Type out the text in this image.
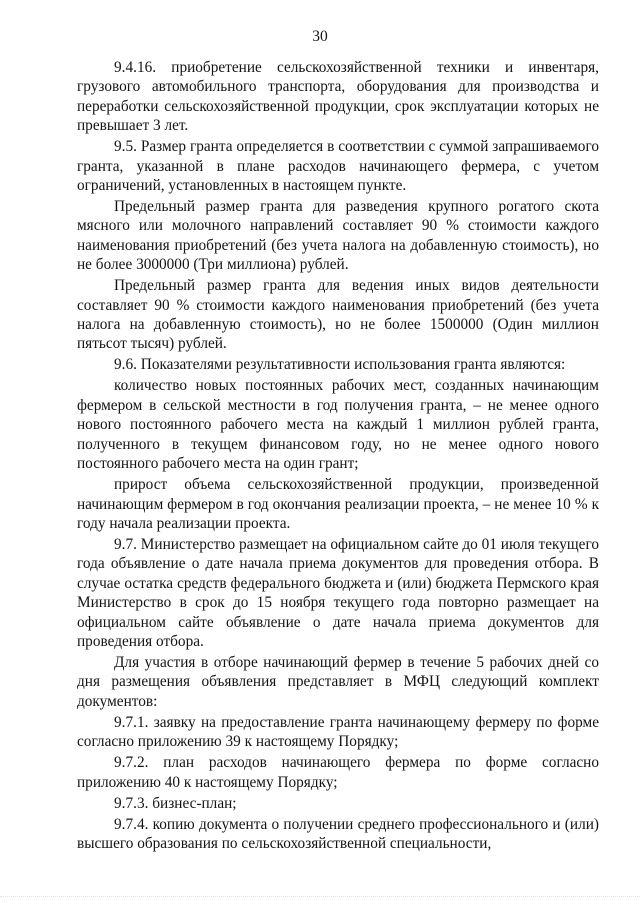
30

9.4.16. приобретение сельскохозяйственной техники и инвентаря, грузового автомобильного транспорта, оборудования для производства и переработки сельскохозяйственной продукции, срок эксплуатации которых не превышает 3 лет.

9.5. Размер гранта определяется в соответствии с суммой запрашиваемого гранта, указанной в плане расходов начинающего фермера, с учетом ограничений, установленных в настоящем пункте.

Предельный размер гранта для разведения крупного рогатого скота мясного или молочного направлений составляет 90 % стоимости каждого наименования приобретений (без учета налога на добавленную стоимость), но не более 3000000 (Три миллиона) рублей.

Предельный размер гранта для ведения иных видов деятельности составляет 90 % стоимости каждого наименования приобретений (без учета налога на добавленную стоимость), но не более 1500000 (Один миллион пятьсот тысяч) рублей.

9.6. Показателями результативности использования гранта являются:

количество новых постоянных рабочих мест, созданных начинающим фермером в сельской местности в год получения гранта, – не менее одного нового постоянного рабочего места на каждый 1 миллион рублей гранта, полученного в текущем финансовом году, но не менее одного нового постоянного рабочего места на один грант;

прирост объема сельскохозяйственной продукции, произведенной начинающим фермером в год окончания реализации проекта, – не менее 10 % к году начала реализации проекта.

9.7. Министерство размещает на официальном сайте до 01 июля текущего года объявление о дате начала приема документов для проведения отбора. В случае остатка средств федерального бюджета и (или) бюджета Пермского края Министерство в срок до 15 ноября текущего года повторно размещает на официальном сайте объявление о дате начала приема документов для проведения отбора.

Для участия в отборе начинающий фермер в течение 5 рабочих дней со дня размещения объявления представляет в МФЦ следующий комплект документов:

9.7.1. заявку на предоставление гранта начинающему фермеру по форме согласно приложению 39 к настоящему Порядку;

9.7.2. план расходов начинающего фермера по форме согласно приложению 40 к настоящему Порядку;

9.7.3. бизнес-план;

9.7.4. копию документа о получении среднего профессионального и (или) высшего образования по сельскохозяйственной специальности,
